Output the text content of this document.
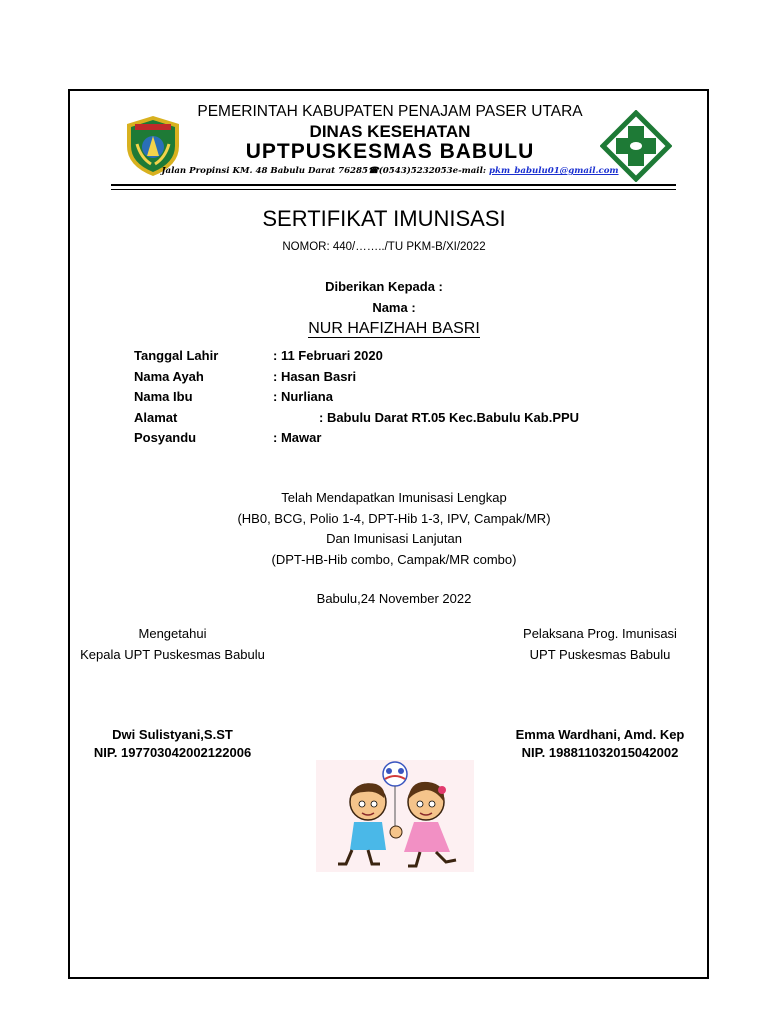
PEMERINTAH KABUPATEN PENAJAM PASER UTARA
DINAS KESEHATAN
UPTPUSKESMAS BABULU
Jalan Propinsi KM. 48 Babulu Darat 76285☎(0543)5232053e-mail: pkm_babulu01@gmail.com
SERTIFIKAT IMUNISASI
NOMOR: 440/……../TU PKM-B/XI/2022
Diberikan Kepada :
Nama :
NUR HAFIZHAH BASRI
Tanggal Lahir	: 11 Februari 2020
Nama Ayah	: Hasan Basri
Nama Ibu	: Nurliana
Alamat	: Babulu Darat RT.05 Kec.Babulu Kab.PPU
Posyandu	: Mawar
Telah Mendapatkan Imunisasi Lengkap
(HB0, BCG, Polio 1-4, DPT-Hib 1-3, IPV, Campak/MR)
Dan Imunisasi Lanjutan
(DPT-HB-Hib combo, Campak/MR combo)
Babulu,24 November 2022
Mengetahui
Kepala UPT Puskesmas Babulu
Pelaksana Prog. Imunisasi
UPT Puskesmas Babulu
Dwi Sulistyani,S.ST
NIP. 197703042002122006
Emma Wardhani, Amd. Kep
NIP. 198811032015042002
